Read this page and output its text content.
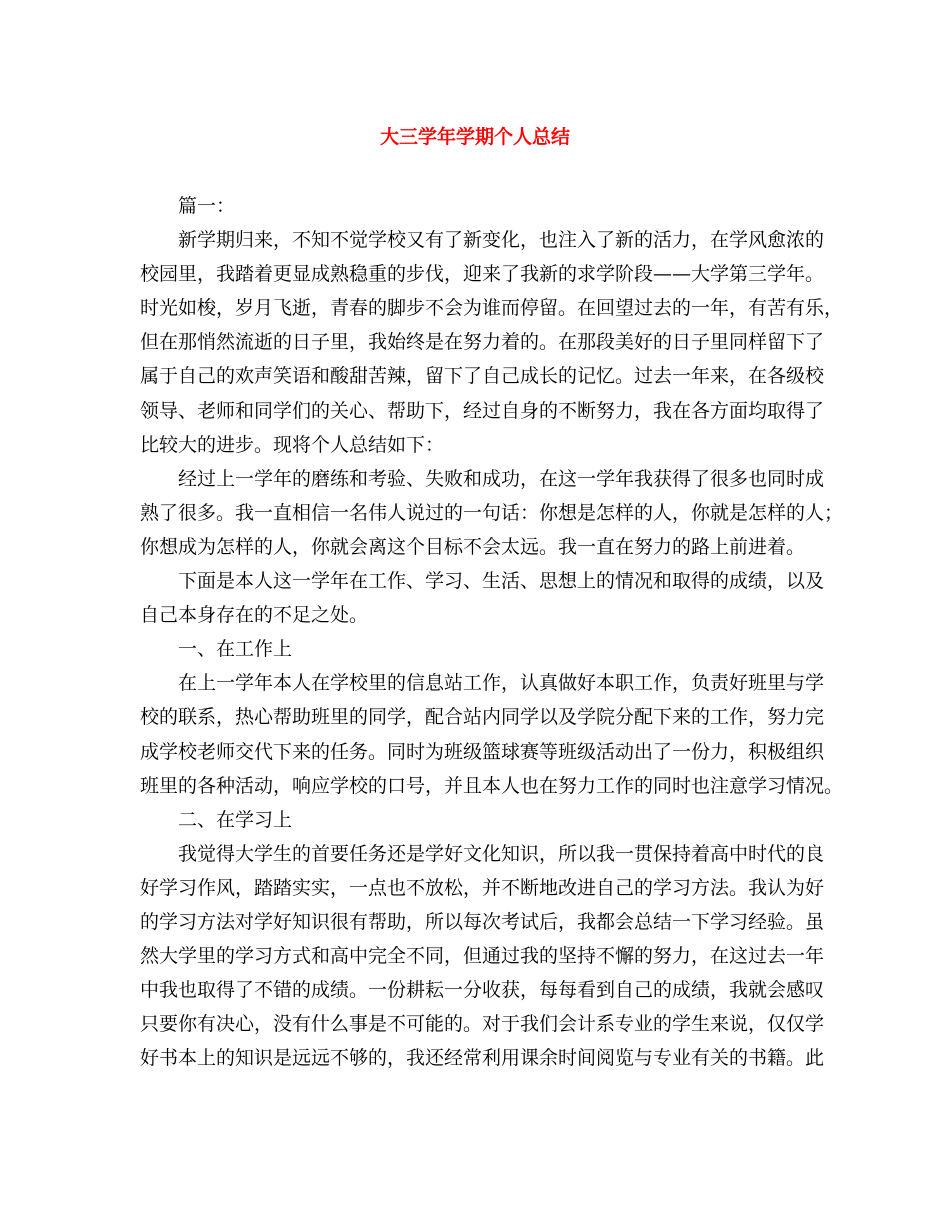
大三学年学期个人总结
篇一：
新学期归来，不知不觉学校又有了新变化，也注入了新的活力，在学风愈浓的
校园里，我踏着更显成熟稳重的步伐，迎来了我新的求学阶段——大学第三学年。
时光如梭，岁月飞逝，青春的脚步不会为谁而停留。在回望过去的一年，有苦有乐，
但在那悄然流逝的日子里，我始终是在努力着的。在那段美好的日子里同样留下了
属于自己的欢声笑语和酸甜苦辣，留下了自己成长的记忆。过去一年来，在各级校
领导、老师和同学们的关心、帮助下，经过自身的不断努力，我在各方面均取得了
比较大的进步。现将个人总结如下：
经过上一学年的磨练和考验、失败和成功，在这一学年我获得了很多也同时成
熟了很多。我一直相信一名伟人说过的一句话：你想是怎样的人，你就是怎样的人；
你想成为怎样的人，你就会离这个目标不会太远。我一直在努力的路上前进着。
下面是本人这一学年在工作、学习、生活、思想上的情况和取得的成绩，以及
自己本身存在的不足之处。
一、在工作上
在上一学年本人在学校里的信息站工作，认真做好本职工作，负责好班里与学
校的联系，热心帮助班里的同学，配合站内同学以及学院分配下来的工作，努力完
成学校老师交代下来的任务。同时为班级篮球赛等班级活动出了一份力，积极组织
班里的各种活动，响应学校的口号，并且本人也在努力工作的同时也注意学习情况。
二、在学习上
我觉得大学生的首要任务还是学好文化知识，所以我一贯保持着高中时代的良
好学习作风，踏踏实实，一点也不放松，并不断地改进自己的学习方法。我认为好
的学习方法对学好知识很有帮助，所以每次考试后，我都会总结一下学习经验。虽
然大学里的学习方式和高中完全不同，但通过我的坚持不懈的努力，在这过去一年
中我也取得了不错的成绩。一份耕耘一分收获，每每看到自己的成绩，我就会感叹
只要你有决心，没有什么事是不可能的。对于我们会计系专业的学生来说，仅仅学
好书本上的知识是远远不够的，我还经常利用课余时间阅览与专业有关的书籍。此
